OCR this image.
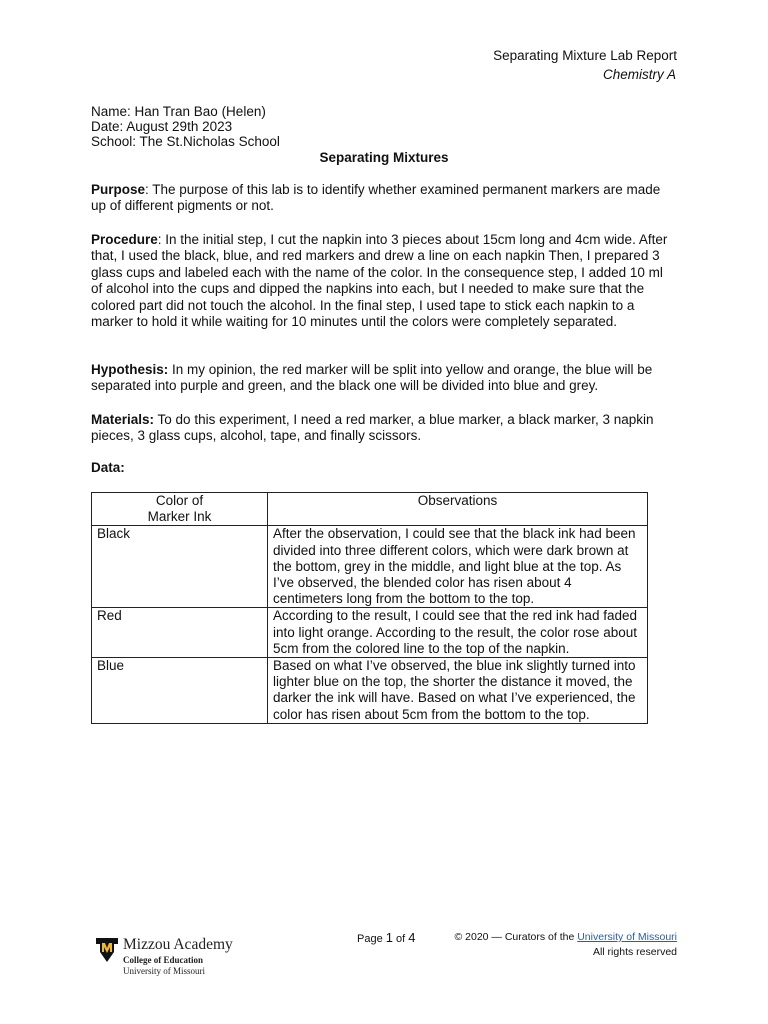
Separating Mixture Lab Report
Chemistry A
Name: Han Tran Bao (Helen)
Date: August 29th 2023
School: The St.Nicholas School
Separating Mixtures
Purpose: The purpose of this lab is to identify whether examined permanent markers are made up of different pigments or not.
Procedure: In the initial step, I cut the napkin into 3 pieces about 15cm long and 4cm wide. After that, I used the black, blue, and red markers and drew a line on each napkin Then, I prepared 3 glass cups and labeled each with the name of the color. In the consequence step, I added 10 ml of alcohol into the cups and dipped the napkins into each, but I needed to make sure that the colored part did not touch the alcohol. In the final step, I used tape to stick each napkin to a marker to hold it while waiting for 10 minutes until the colors were completely separated.
Hypothesis: In my opinion, the red marker will be split into yellow and orange, the blue will be separated into purple and green, and the black one will be divided into blue and grey.
Materials: To do this experiment, I need a red marker, a blue marker, a black marker, 3 napkin pieces, 3 glass cups, alcohol, tape, and finally scissors.
Data:
Color of Marker Ink	Observations
Black	After the observation, I could see that the black ink had been divided into three different colors, which were dark brown at the bottom, grey in the middle, and light blue at the top. As I’ve observed, the blended color has risen about 4 centimeters long from the bottom to the top.
Red	According to the result, I could see that the red ink had faded into light orange. According to the result, the color rose about 5cm from the colored line to the top of the napkin.
Blue	Based on what I’ve observed, the blue ink slightly turned into lighter blue on the top, the shorter the distance it moved, the darker the ink will have. Based on what I’ve experienced, the color has risen about 5cm from the bottom to the top.
Mizzou Academy
College of Education
University of Missouri
Page 1 of 4	© 2020 — Curators of the University of Missouri
All rights reserved
